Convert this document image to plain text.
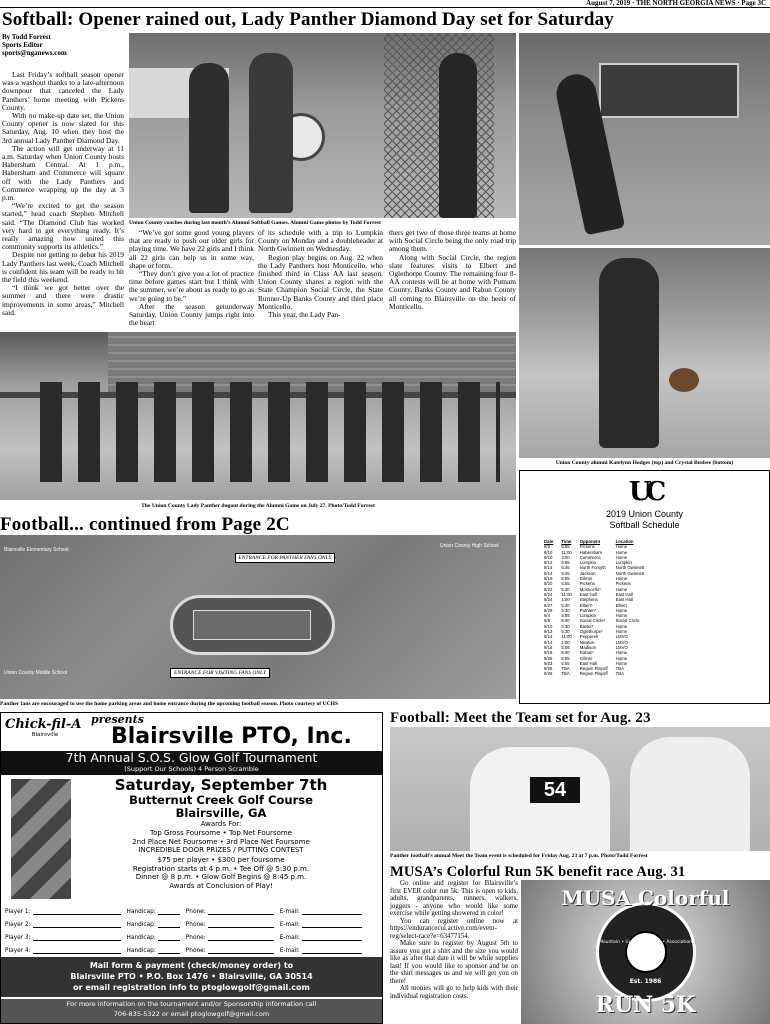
August 7, 2019 · THE NORTH GEORGIA NEWS · Page 3C
Softball: Opener rained out, Lady Panther Diamond Day set for Saturday
By Todd Forrest
Sports Editor
sports@nganews.com

Last Friday’s softball season opener was a washout thanks to a late-afternoon downpour that canceled the Lady Panthers’ home meeting with Pickens County.

With no make-up date set, the Union County opener is now slated for this Saturday, Aug. 10 when they host the 3rd annual Lady Panther Diamond Day.

The action will get underway at 11 a.m. Saturday when Union County hosts Habersham Central. At 1 p.m., Habersham and Commerce will square off with the Lady Panthers and Commerce wrapping up the day at 3 p.m.

“We’re excited to get the season started,” head coach Stephen Mitchell said. “The Diamond Club has worked very hard to get everything ready. It’s really amazing how united this community supports its athletics.”

Despite not getting to debut his 2019 Lady Panthers last week, Coach Mitchell is confident his team will be ready to hit the field this weekend.

“I think we got better over the summer and there were drastic improvements in some areas,” Mitchell said.

Union County coaches during last month’s Alumni Softball Games. Alumni Game photos by Todd Forrest

“We’ve got some good young players that are ready to push our older girls for playing time. We have 22 girls and I think all 22 girls can help us in some way, shape or form.

“They don’t give you a lot of practice time before games start but I think with the summer, we’re about as ready to go as we’re going to be.”

After the season getunderway Saturday, Union County jumps right into the heart

of its schedule with a trip to Lumpkin County on Monday and a doubleheader at North Gwinnett on Wednesday.

Region play begins on Aug. 22 when the Lady Panthers host Monticello, who finished third in Class AA last season. Union County shares a region with the State Champion Social Circle, the State Runner-Up Banks County and third place Monticello.

This year, the Lady Pan-

thers get two of those three teams at home with Social Circle being the only road trip among them.

Along with Social Circle, the region slate features visits to Elbert and Oglethorpe County. The remaining four 8-AA contests will be at home with Putnam County, Banks County and Rabun County all coming to Blairsville on the heels of Monticello.

The Union County Lady Panther dugout during the Alumni Game on July 27. Photo/Todd Forrest
Union County alumni Katelynn Hodges (top) and Crystal Busbee (bottom)
UC
2019 Union County
Softball Schedule
Date	Time	Opponent	Location
8/2	5:55	Pickens	Home
8/10	11:00	Habersham	Home
8/10	3:00	Commerce	Home
8/12	5:55	Lumpkin	Lumpkin
8/14	5:45	North Forsyth	North Gwinnett
8/14	5:45	Jackson	North Gwinnett
8/19	5:55	Gilmer	Home
8/20	5:55	Pickens	Pickens
8/22	5:30	Monticello*	Home
8/24	11:00	East Hall	East Hall
8/24	1:00	Stephens	East Hall
8/27	5:30	Elbert*	Elbert
8/29	5:30	Putnam*	Home
9/4	5:55	Lumpkin	Home
9/5	5:30	Social Circle*	Social Circle
9/10	5:30	Banks*	Home
9/12	5:30	Oglethorpe*	Home
9/14	11:00	Pepperell	LMVO
9/14	1:00	Newton	LMVO
9/16	5:55	Madison	LMVO
9/19	5:30	Rabun*	Home
9/26	5:55	Gilmer	Home
9/23	5:55	East Hall	Home
9/25	TBA	Region Playoff	TBA
9/26	TBA	Region Playoff	TBA
Football... continued from Page 2C
ENTRANCE FOR PANTHER FANS ONLY
ENTRANCE FOR VISITING FANS ONLY
Blairsville Elementary School
Union County High School
Union County Middle School
Panther fans are encouraged to use the home parking areas and home entrance during the upcoming football season. Photo courtesy of UCHS
Football: Meet the Team set for Aug. 23
54
Panther football’s annual Meet the Team event is scheduled for Friday Aug. 23 at 7 p.m. Photo/Todd Forrest
MUSA’s Colorful Run 5K benefit race Aug. 31

Go online and register for Blairsville’s first EVER color run 5k. This is open to kids, adults, grandparents, runners, walkers, joggers - anyone who would like some exercise while getting showered in color!

You can register online now at https://endurancecui.active.com/event-reg/select-race?e=63477154.

Make sure to register by August 5th to assure you get a shirt and the size you would like as after that date it will be while supplies last! If you would like to sponsor and be on the shirt messages us and we will get you on there!

All monies will go to help kids with their individual registration costs.

MUSA Colorful
RUN 5K
Mountain • United • Soccer • Association
Est. 1986
Chick-fil-A
Blairsville
presents
Blairsville PTO, Inc.
7th Annual S.O.S. Glow Golf Tournament
(Support Our Schools) 4 Person Scramble
Saturday, September 7th
Butternut Creek Golf Course
Blairsville, GA
Awards For:
Top Gross Foursome • Top Net Foursome
2nd Place Net Foursome • 3rd Place Net Foursome
INCREDIBLE DOOR PRIZES / PUTTING CONTEST
$75 per player • $300 per foursome
Registration starts at 4 p.m. • Tee Off @ 5:30 p.m.
Dinner @ 8 p.m. • Glow Golf Begins @ 8:45 p.m.
Awards at Conclusion of Play!
Player 1:	Handicap:	Phone:	E-mail:
Player 2:	Handicap:	Phone:	E-mail:
Player 3:	Handicap:	Phone:	E-mail:
Player 4:	Handicap:	Phone:	E-mail:
Mail form & payment (check/money order) to
Blairsville PTO • P.O. Box 1476 • Blairsville, GA 30514
or email registration info to ptoglowgolf@gmail.com
For more information on the tournament and/or Sponsorship information call
706-835-5322 or email ptoglowgolf@gmail.com
